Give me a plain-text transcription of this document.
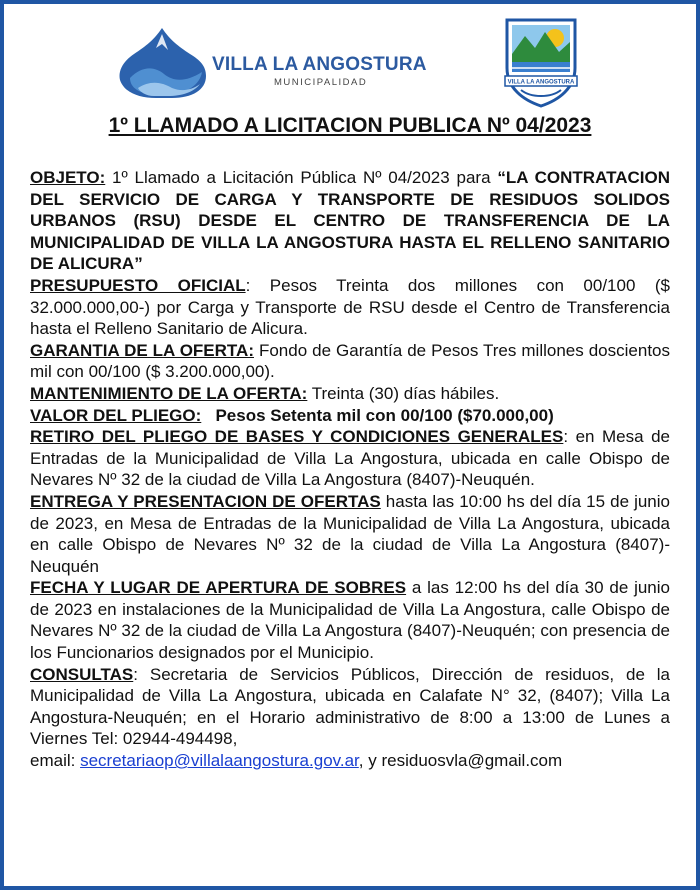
VILLA LA ANGOSTURA
MUNICIPALIDAD	VILLA LA ANGOSTURA
1º LLAMADO A LICITACION PUBLICA Nº 04/2023

OBJETO: 1º Llamado a Licitación Pública Nº 04/2023 para “LA CONTRATACION DEL SERVICIO DE CARGA Y TRANSPORTE DE RESIDUOS SOLIDOS URBANOS (RSU) DESDE EL CENTRO DE TRANSFERENCIA DE LA MUNICIPALIDAD DE VILLA LA ANGOSTURA HASTA EL RELLENO SANITARIO DE ALICURA”

PRESUPUESTO OFICIAL: Pesos Treinta dos millones con 00/100 ($ 32.000.000,00-) por Carga y Transporte de RSU desde el Centro de Transferencia hasta el Relleno Sanitario de Alicura.

GARANTIA DE LA OFERTA: Fondo de Garantía de Pesos Tres millones doscientos mil con 00/100 ($ 3.200.000,00).

MANTENIMIENTO DE LA OFERTA: Treinta (30) días hábiles.

VALOR DEL PLIEGO:   Pesos Setenta mil con 00/100 ($70.000,00)

RETIRO DEL PLIEGO DE BASES Y CONDICIONES GENERALES: en Mesa de Entradas de la Municipalidad de Villa La Angostura, ubicada en calle Obispo de Nevares Nº 32 de la ciudad de Villa La Angostura (8407)-Neuquén.

ENTREGA Y PRESENTACION DE OFERTAS hasta las 10:00 hs del día 15 de junio de 2023, en Mesa de Entradas de la Municipalidad de Villa La Angostura, ubicada en calle Obispo de Nevares Nº 32 de la ciudad de Villa La Angostura (8407)-Neuquén

FECHA Y LUGAR DE APERTURA DE SOBRES a las 12:00 hs del día 30 de junio de 2023 en instalaciones de la Municipalidad de Villa La Angostura, calle Obispo de Nevares Nº 32 de la ciudad de Villa La Angostura (8407)-Neuquén; con presencia de los Funcionarios designados por el Municipio.

CONSULTAS: Secretaria de Servicios Públicos, Dirección de residuos, de la Municipalidad de Villa La Angostura, ubicada en Calafate N° 32, (8407); Villa La Angostura-Neuquén; en el Horario administrativo de 8:00 a 13:00 de Lunes a Viernes Tel: 02944-494498,

email: secretariaop@villalaangostura.gov.ar, y residuosvla@gmail.com
